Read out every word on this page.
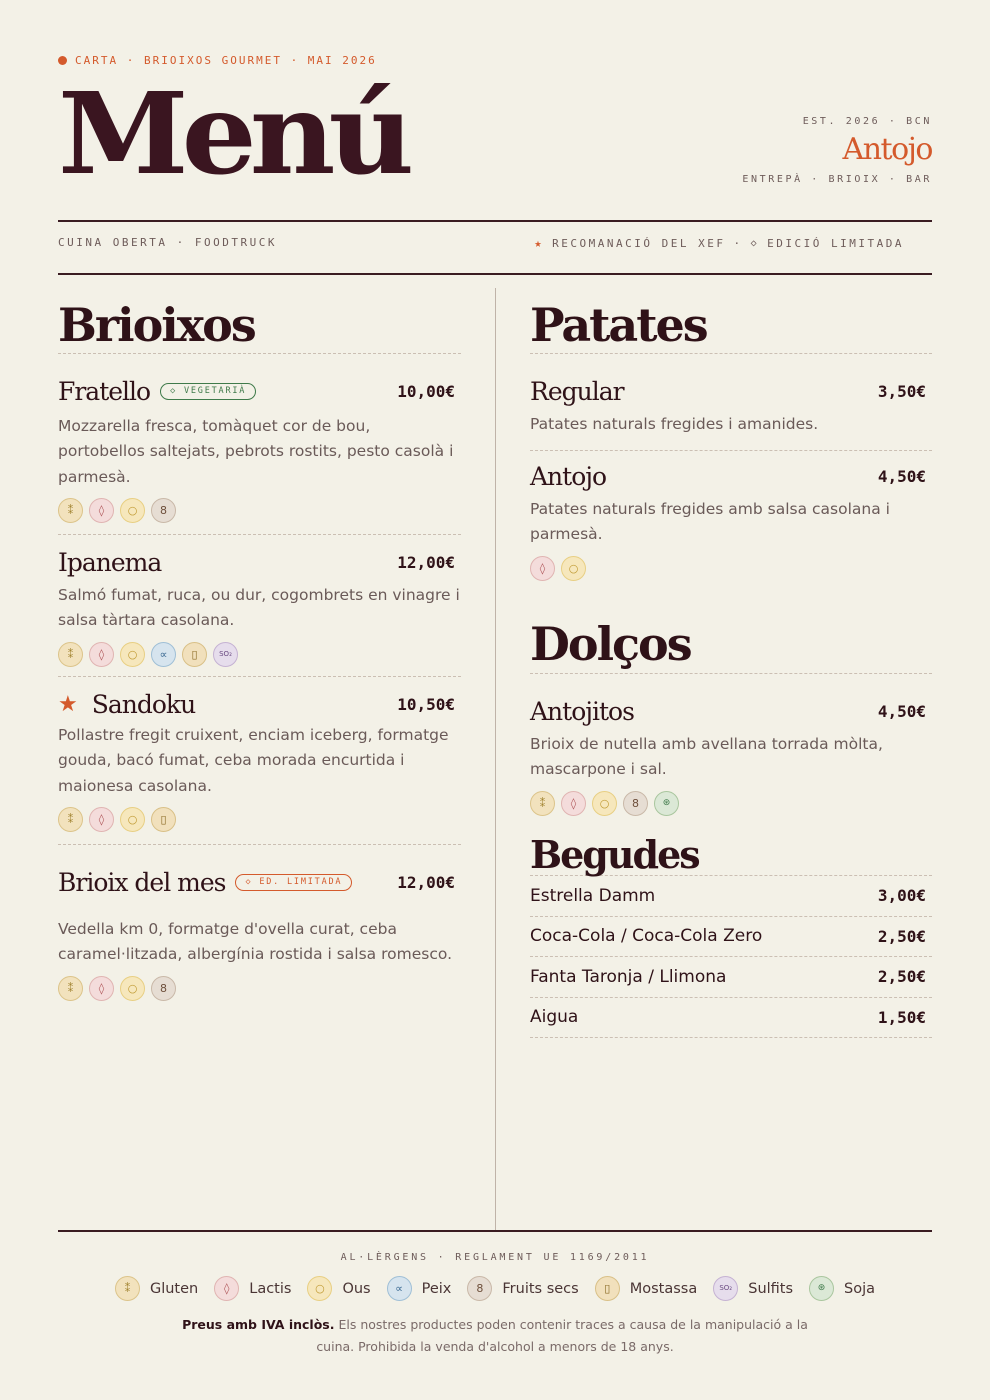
CARTA · BRIOIXOS GOURMET · MAI 2026
Menú	EST. 2026 · BCN
Antojo
ENTREPÀ · BRIOIX · BAR
CUINA OBERTA · FOODTRUCK	★ RECOMANACIÓ DEL XEF · ◇ EDICIÓ LIMITADA
Brioixos
Fratello	◇ VEGETARIÀ	10,00€
Mozzarella fresca, tomàquet cor de bou, portobellos saltejats, pebrots rostits, pesto casolà i parmesà.
⁑	◊	○	8
Ipanema	12,00€
Salmó fumat, ruca, ou dur, cogombrets en vinagre i salsa tàrtara casolana.
⁑	◊	○	∝	▯	SO₂
★ Sandoku	10,50€
Pollastre fregit cruixent, enciam iceberg, formatge gouda, bacó fumat, ceba morada encurtida i maionesa casolana.
⁑	◊	○	▯
Brioix del mes	◇ ED. LIMITADA	12,00€
Vedella km 0, formatge d'ovella curat, ceba caramel·litzada, albergínia rostida i salsa romesco.
⁑	◊	○	8
Patates
Regular	3,50€
Patates naturals fregides i amanides.
Antojo	4,50€
Patates naturals fregides amb salsa casolana i parmesà.
◊	○
Dolços
Antojitos	4,50€
Brioix de nutella amb avellana torrada mòlta, mascarpone i sal.
⁑	◊	○	8	⊛
Begudes
Estrella Damm	3,00€
Coca-Cola / Coca-Cola Zero	2,50€
Fanta Taronja / Llimona	2,50€
Aigua	1,50€
AL·LÈRGENS · REGLAMENT UE 1169/2011
⁑	Gluten	◊	Lactis	○	Ous	∝	Peix	8	Fruits secs	▯	Mostassa	SO₂	Sulfits	⊛	Soja
Preus amb IVA inclòs. Els nostres productes poden contenir traces a causa de la manipulació a la cuina. Prohibida la venda d'alcohol a menors de 18 anys.
